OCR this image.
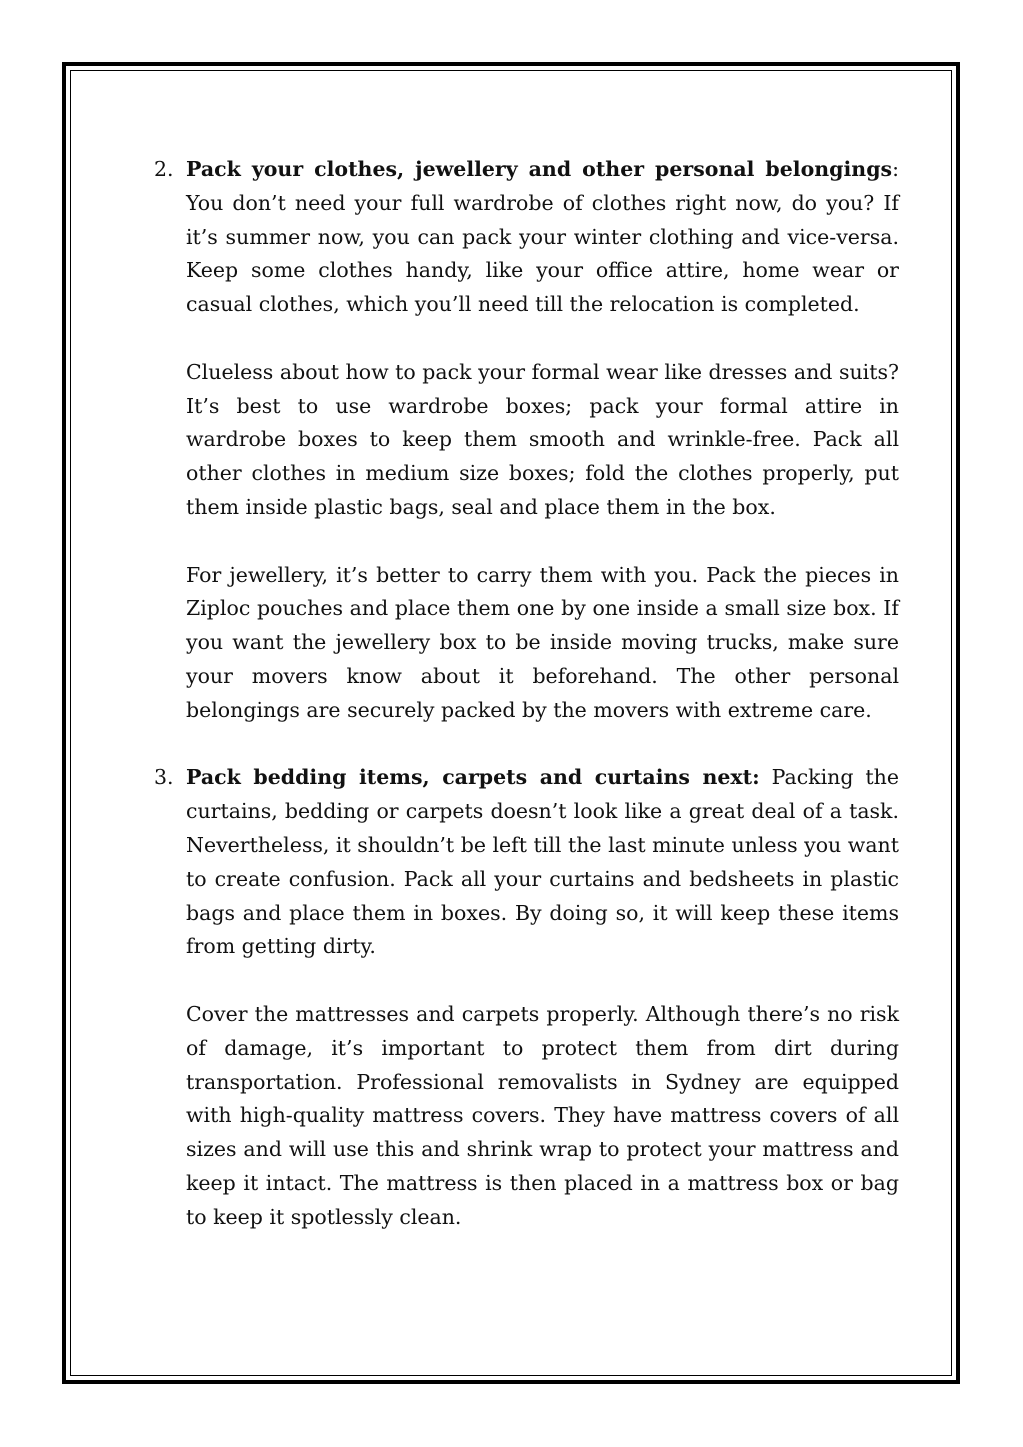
2. Pack your clothes, jewellery and other personal belongings: You don’t need your full wardrobe of clothes right now, do you? If it’s summer now, you can pack your winter clothing and vice-versa. Keep some clothes handy, like your office attire, home wear or casual clothes, which you’ll need till the relocation is completed.

Clueless about how to pack your formal wear like dresses and suits? It’s best to use wardrobe boxes; pack your formal attire in wardrobe boxes to keep them smooth and wrinkle-free. Pack all other clothes in medium size boxes; fold the clothes properly, put them inside plastic bags, seal and place them in the box.

For jewellery, it’s better to carry them with you. Pack the pieces in Ziploc pouches and place them one by one inside a small size box. If you want the jewellery box to be inside moving trucks, make sure your movers know about it beforehand. The other personal belongings are securely packed by the movers with extreme care.

3. Pack bedding items, carpets and curtains next: Packing the curtains, bedding or carpets doesn’t look like a great deal of a task. Nevertheless, it shouldn’t be left till the last minute unless you want to create confusion. Pack all your curtains and bedsheets in plastic bags and place them in boxes. By doing so, it will keep these items from getting dirty.

Cover the mattresses and carpets properly. Although there’s no risk of damage, it’s important to protect them from dirt during transportation. Professional removalists in Sydney are equipped with high-quality mattress covers. They have mattress covers of all sizes and will use this and shrink wrap to protect your mattress and keep it intact. The mattress is then placed in a mattress box or bag to keep it spotlessly clean.
